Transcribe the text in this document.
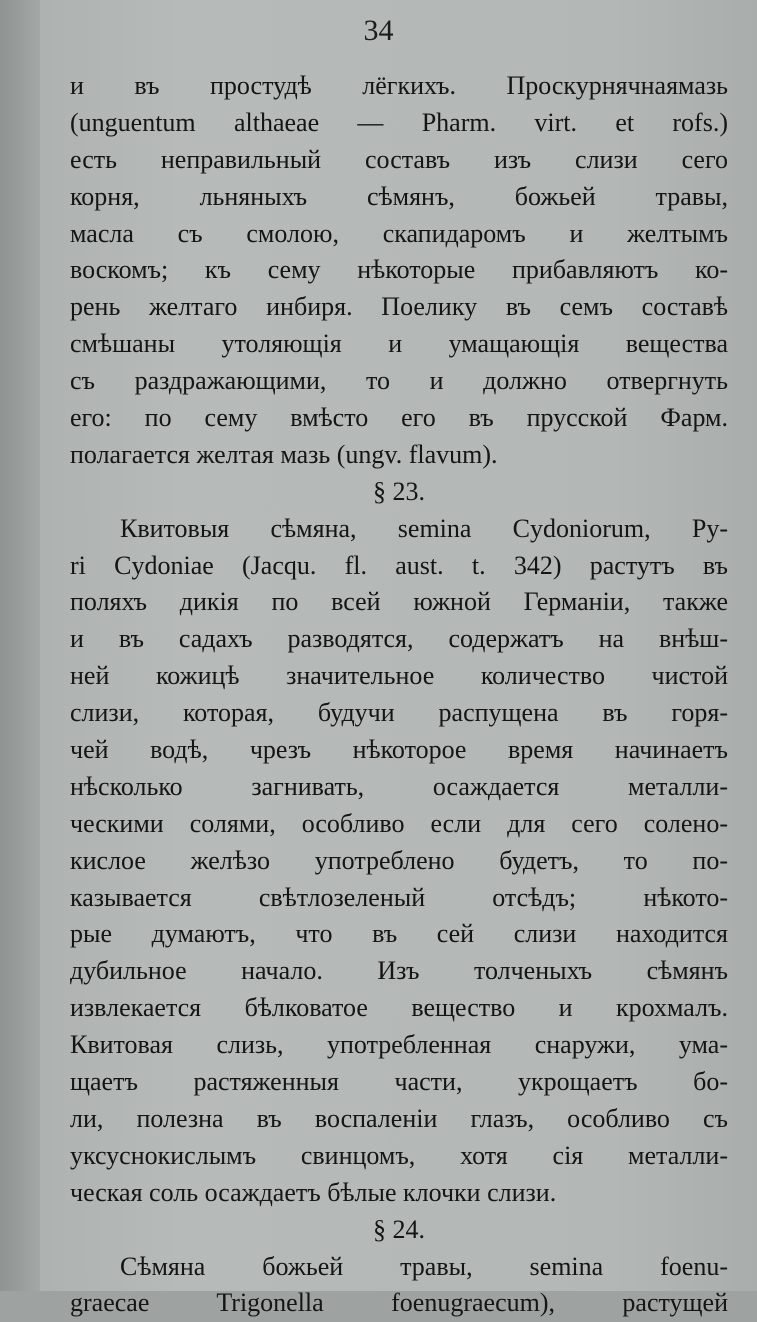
34
и въ простудѣ лёгкихъ. Проскурнячнаямазь
(unguentum althaeae — Pharm. virt. et rofs.)
есть неправильный составъ изъ слизи сего
корня, льняныхъ сѣмянъ, божьей травы,
масла съ смолою, скапидаромъ и желтымъ
воскомъ; къ сему нѣкоторые прибавляютъ ко-
рень желтаго инбиря. Поелику въ семъ составѣ
смѣшаны утоляющія и умащающія вещества
съ раздражающими, то и должно отвергнуть
его: по сему вмѣсто его въ прусской Фарм.
полагается желтая мазь (ungv. flavum).
§ 23.
Квитовыя сѣмяна, semina Cydoniorum, Py-
ri Cydoniae (Jacqu. fl. aust. t. 342) растутъ въ
поляхъ дикія по всей южной Германіи, также
и въ садахъ разводятся, содержатъ на внѣш-
ней кожицѣ значительное количество чистой
слизи, которая, будучи распущена въ горя-
чей водѣ, чрезъ нѣкоторое время начинаетъ
нѣсколько загнивать, осаждается металли-
ческими солями, особливо если для сего солено-
кислое желѣзо употреблено будетъ, то по-
казывается свѣтлозеленый отсѣдъ; нѣкото-
рые думаютъ, что въ сей слизи находится
дубильное начало. Изъ толченыхъ сѣмянъ
извлекается бѣлковатое вещество и крохмалъ.
Квитовая слизь, употребленная снаружи, ума-
щаетъ растяженныя части, укрощаетъ бо-
ли, полезна въ воспаленіи глазъ, особливо съ
уксуснокислымъ свинцомъ, хотя сія металли-
ческая соль осаждаетъ бѣлые клочки слизи.
§ 24.
Сѣмяна божьей травы, semina foenu-
graecae Trigonella foenugraecum), растущей
